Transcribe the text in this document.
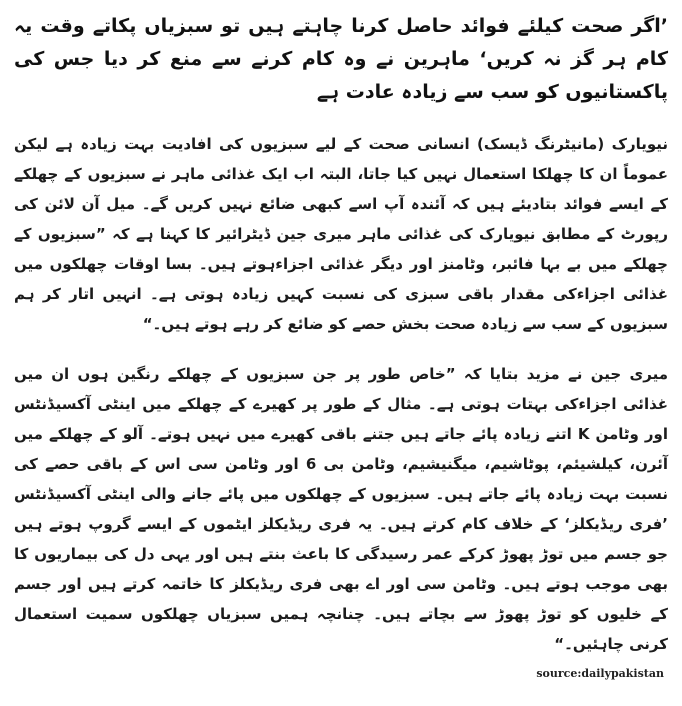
’اگر صحت کیلئے فوائد حاصل کرنا چاہتے ہیں تو سبزیاں پکاتے وقت یہ کام ہر گز نہ کریں‘ ماہرین نے وہ کام کرنے سے منع کر دیا جس کی پاکستانیوں کو سب سے زیادہ عادت ہے

نیویارک (مانیٹرنگ ڈیسک) انسانی صحت کے لیے سبزیوں کی افادیت بہت زیادہ ہے لیکن عموماً ان کا چھلکا استعمال نہیں کیا جاتا، البتہ اب ایک غذائی ماہر نے سبزیوں کے چھلکے کے ایسے فوائد بتادیئے ہیں کہ آئندہ آپ اسے کبھی ضائع نہیں کریں گے۔ میل آن لائن کی رپورٹ کے مطابق نیویارک کی غذائی ماہر میری جین ڈیٹرائیر کا کہنا ہے کہ ”سبزیوں کے چھلکے میں بے بہا فائبر، وٹامنز اور دیگر غذائی اجزاءہوتے ہیں۔ بسا اوقات چھلکوں میں غذائی اجزاءکی مقدار باقی سبزی کی نسبت کہیں زیادہ ہوتی ہے۔ انہیں اتار کر ہم سبزیوں کے سب سے زیادہ صحت بخش حصے کو ضائع کر رہے ہوتے ہیں۔“

میری جین نے مزید بتایا کہ ”خاص طور پر جن سبزیوں کے چھلکے رنگین ہوں ان میں غذائی اجزاءکی بہتات ہوتی ہے۔ مثال کے طور پر کھیرے کے چھلکے میں اینٹی آکسیڈنٹس اور وٹامن K اتنے زیادہ پائے جاتے ہیں جتنے باقی کھیرے میں نہیں ہوتے۔ آلو کے چھلکے میں آئرن، کیلشیئم، پوٹاشیم، میگنیشیم، وٹامن بی 6 اور وٹامن سی اس کے باقی حصے کی نسبت بہت زیادہ پائے جاتے ہیں۔ سبزیوں کے چھلکوں میں پائے جانے والی اینٹی آکسیڈنٹس ’فری ریڈیکلز‘ کے خلاف کام کرتے ہیں۔ یہ فری ریڈیکلز ایٹموں کے ایسے گروپ ہوتے ہیں جو جسم میں توڑ پھوڑ کرکے عمر رسیدگی کا باعث بنتے ہیں اور یہی دل کی بیماریوں کا بھی موجب ہوتے ہیں۔ وٹامن سی اور اے بھی فری ریڈیکلز کا خاتمہ کرتے ہیں اور جسم کے خلیوں کو توڑ پھوڑ سے بچاتے ہیں۔ چنانچہ ہمیں سبزیاں چھلکوں سمیت استعمال کرنی چاہئیں۔“

source:dailypakistan
